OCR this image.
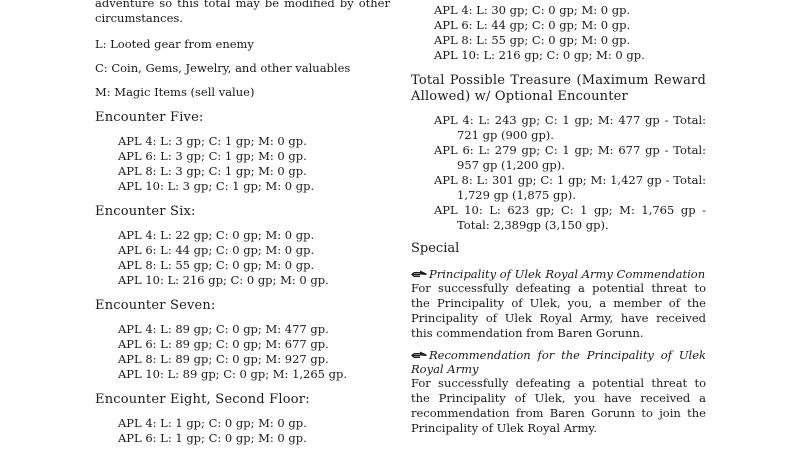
adventure so this total may be modified by other

circumstances.

L: Looted gear from enemy

C: Coin, Gems, Jewelry, and other valuables

M: Magic Items (sell value)

Encounter Five:

APL 4: L: 3 gp; C: 1 gp; M: 0 gp.

APL 6: L: 3 gp; C: 1 gp; M: 0 gp.

APL 8: L: 3 gp; C: 1 gp; M: 0 gp.

APL 10: L: 3 gp; C: 1 gp; M: 0 gp.

Encounter Six:

APL 4: L: 22 gp; C: 0 gp; M: 0 gp.

APL 6: L: 44 gp; C: 0 gp; M: 0 gp.

APL 8: L: 55 gp; C: 0 gp; M: 0 gp.

APL 10: L: 216 gp; C: 0 gp; M: 0 gp.

Encounter Seven:

APL 4: L: 89 gp; C: 0 gp; M: 477 gp.

APL 6: L: 89 gp; C: 0 gp; M: 677 gp.

APL 8: L: 89 gp; C: 0 gp; M: 927 gp.

APL 10: L: 89 gp; C: 0 gp; M: 1,265 gp.

Encounter Eight, Second Floor:

APL 4: L: 1 gp; C: 0 gp; M: 0 gp.

APL 6: L: 1 gp; C: 0 gp; M: 0 gp.

APL 4: L: 30 gp; C: 0 gp; M: 0 gp.

APL 6: L: 44 gp; C: 0 gp; M: 0 gp.

APL 8: L: 55 gp; C: 0 gp; M: 0 gp.

APL 10: L: 216 gp; C: 0 gp; M: 0 gp.

Total Possible Treasure (Maximum Reward Allowed) w/ Optional Encounter

APL 4: L: 243 gp; C: 1 gp; M: 477 gp - Total: 721 gp (900 gp).

APL 6: L: 279 gp; C: 1 gp; M: 677 gp - Total: 957 gp (1,200 gp).

APL 8: L: 301 gp; C: 1 gp; M: 1,427 gp - Total: 1,729 gp (1,875 gp).

APL 10: L: 623 gp; C: 1 gp; M: 1,765 gp - Total: 2,389gp (3,150 gp).

Special

Principality of Ulek Royal Army Commendation

For successfully defeating a potential threat to the Principality of Ulek, you, a member of the Principality of Ulek Royal Army, have received this commendation from Baren Gorunn.

Recommendation for the Principality of Ulek Royal Army

For successfully defeating a potential threat to the Principality of Ulek, you have received a recommendation from Baren Gorunn to join the Principality of Ulek Royal Army.
